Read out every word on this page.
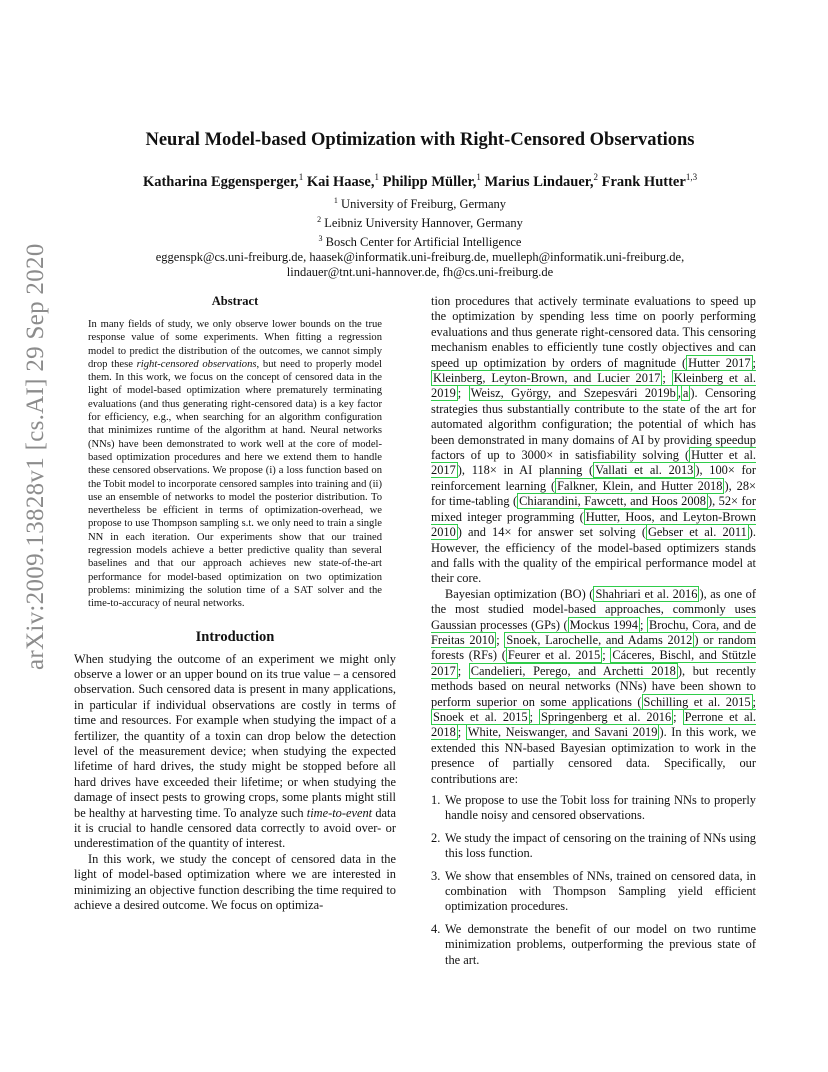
arXiv:2009.13828v1 [cs.AI] 29 Sep 2020
Neural Model-based Optimization with Right-Censored Observations
Katharina Eggensperger,$^1$ Kai Haase,$^1$ Philipp Müller,$^1$ Marius Lindauer,$^2$ Frank Hutter$^{1,3}$
$^1$ University of Freiburg, Germany
$^2$ Leibniz University Hannover, Germany
$^3$ Bosch Center for Artificial Intelligence
eggenspk@cs.uni-freiburg.de, haasek@informatik.uni-freiburg.de, muelleph@informatik.uni-freiburg.de,
lindauer@tnt.uni-hannover.de, fh@cs.uni-freiburg.de
Abstract
In many fields of study, we only observe lower bounds on the true response value of some experiments. When fitting a regression model to predict the distribution of the outcomes, we cannot simply drop these right-censored observations, but need to properly model them. In this work, we focus on the concept of censored data in the light of model-based optimization where prematurely terminating evaluations (and thus generating right-censored data) is a key factor for efficiency, e.g., when searching for an algorithm configuration that minimizes runtime of the algorithm at hand. Neural networks (NNs) have been demonstrated to work well at the core of model-based optimization procedures and here we extend them to handle these censored observations. We propose (i) a loss function based on the Tobit model to incorporate censored samples into training and (ii) use an ensemble of networks to model the posterior distribution. To nevertheless be efficient in terms of optimization-overhead, we propose to use Thompson sampling s.t. we only need to train a single NN in each iteration. Our experiments show that our trained regression models achieve a better predictive quality than several baselines and that our approach achieves new state-of-the-art performance for model-based optimization on two optimization problems: minimizing the solution time of a SAT solver and the time-to-accuracy of neural networks.
Introduction

When studying the outcome of an experiment we might only observe a lower or an upper bound on its true value – a censored observation. Such censored data is present in many applications, in particular if individual observations are costly in terms of time and resources. For example when studying the impact of a fertilizer, the quantity of a toxin can drop below the detection level of the measurement device; when studying the expected lifetime of hard drives, the study might be stopped before all hard drives have exceeded their lifetime; or when studying the damage of insect pests to growing crops, some plants might still be healthy at harvesting time. To analyze such time-to-event data it is crucial to handle censored data correctly to avoid over- or underestimation of the quantity of interest.

In this work, we study the concept of censored data in the light of model-based optimization where we are interested in minimizing an objective function describing the time required to achieve a desired outcome. We focus on optimiza-

tion procedures that actively terminate evaluations to speed up the optimization by spending less time on poorly performing evaluations and thus generate right-censored data. This censoring mechanism enables to efficiently tune costly objectives and can speed up optimization by orders of magnitude ( Hutter 2017 ; Kleinberg, Leyton-Brown, and Lucier 2017 ; Kleinberg et al. 2019 ; Weisz, György, and Szepesvári 2019b , a ). Censoring strategies thus substantially contribute to the state of the art for automated algorithm configuration; the potential of which has been demonstrated in many domains of AI by providing speedup factors of up to 3000× in satisfiability solving ( Hutter et al. 2017 ), 118× in AI planning ( Vallati et al. 2013 ), 100× for reinforcement learning ( Falkner, Klein, and Hutter 2018 ), 28× for time-tabling ( Chiarandini, Fawcett, and Hoos 2008 ), 52× for mixed integer programming ( Hutter, Hoos, and Leyton-Brown 2010 ) and 14× for answer set solving ( Gebser et al. 2011 ). However, the efficiency of the model-based optimizers stands and falls with the quality of the empirical performance model at their core.

Bayesian optimization (BO) ( Shahriari et al. 2016 ), as one of the most studied model-based approaches, commonly uses Gaussian processes (GPs) ( Mockus 1994 ; Brochu, Cora, and de Freitas 2010 ; Snoek, Larochelle, and Adams 2012 ) or random forests (RFs) ( Feurer et al. 2015 ; Cáceres, Bischl, and Stützle 2017 ; Candelieri, Perego, and Archetti 2018 ), but recently methods based on neural networks (NNs) have been shown to perform superior on some applications ( Schilling et al. 2015 ; Snoek et al. 2015 ; Springenberg et al. 2016 ; Perrone et al. 2018 ; White, Neiswanger, and Savani 2019 ). In this work, we extended this NN-based Bayesian optimization to work in the presence of partially censored data. Specifically, our contributions are:

1. We propose to use the Tobit loss for training NNs to properly handle noisy and censored observations.
2. We study the impact of censoring on the training of NNs using this loss function.
3. We show that ensembles of NNs, trained on censored data, in combination with Thompson Sampling yield efficient optimization procedures.
4. We demonstrate the benefit of our model on two runtime minimization problems, outperforming the previous state of the art.
